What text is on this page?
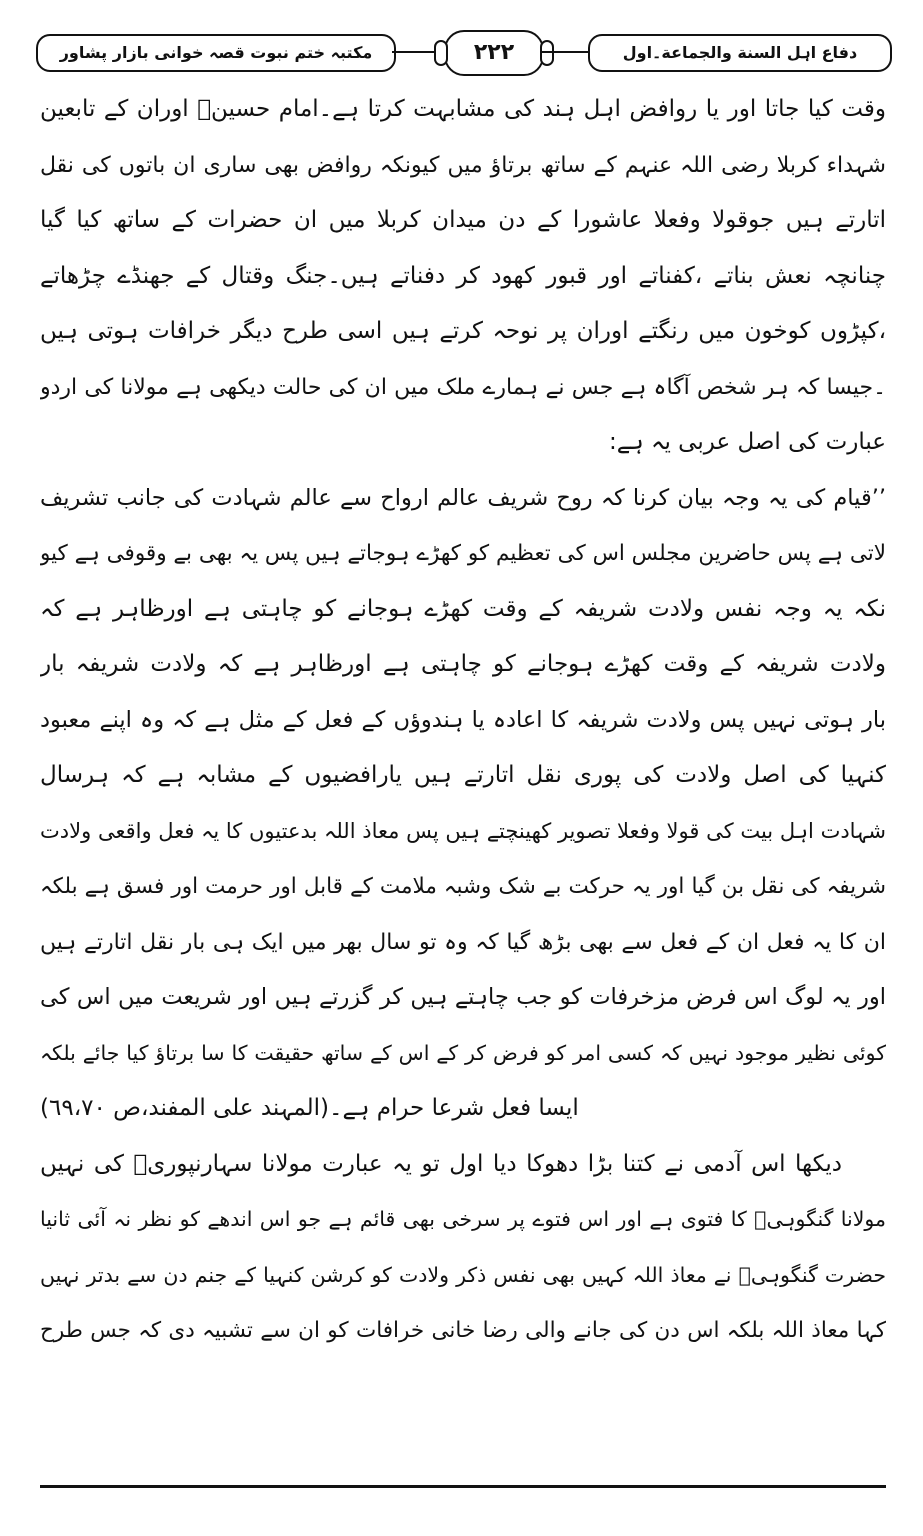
مکتبہ ختم نبوت قصہ خوانی بازار پشاور	۲۲۲	دفاع اہل السنة والجماعة۔اول
وقت کیا جاتا اور یا روافض اہل ہند کی مشابہت کرتا ہے۔امام حسینؓ اوران کے تابعین
شہداء کربلا رضی اللہ عنہم کے ساتھ برتاؤ میں کیونکہ روافض بھی ساری ان باتوں کی نقل
اتارتے ہیں جوقولا وفعلا عاشورا کے دن میدان کربلا میں ان حضرات کے ساتھ کیا گیا
چنانچہ نعش بناتے ،کفناتے اور قبور کھود کر دفناتے ہیں۔جنگ وقتال کے جھنڈے چڑھاتے
،کپڑوں کوخون میں رنگتے اوران پر نوحہ کرتے ہیں اسی طرح دیگر خرافات ہوتی ہیں
۔جیسا کہ ہر شخص آگاہ ہے جس نے ہمارے ملک میں ان کی حالت دیکھی ہے مولانا کی اردو
عبارت کی اصل عربی یہ ہے:
’’قیام کی یہ وجہ بیان کرنا کہ روح شریف عالم ارواح سے عالم شہادت کی جانب تشریف
لاتی ہے پس حاضرین مجلس اس کی تعظیم کو کھڑے ہوجاتے ہیں پس یہ بھی بے وقوفی ہے کیو
نکہ یہ وجہ نفس ولادت شریفہ کے وقت کھڑے ہوجانے کو چاہتی ہے اورظاہر ہے کہ
ولادت شریفہ کے وقت کھڑے ہوجانے کو چاہتی ہے اورظاہر ہے کہ ولادت شریفہ بار
بار ہوتی نہیں پس ولادت شریفہ کا اعادہ یا ہندوؤں کے فعل کے مثل ہے کہ وہ اپنے معبود
کنہیا کی اصل ولادت کی پوری نقل اتارتے ہیں یارافضیوں کے مشابہ ہے کہ ہرسال
شہادت اہل بیت کی قولا وفعلا تصویر کھینچتے ہیں پس معاذ اللہ بدعتیوں کا یہ فعل واقعی ولادت
شریفہ کی نقل بن گیا اور یہ حرکت بے شک وشبہ ملامت کے قابل اور حرمت اور فسق ہے بلکہ
ان کا یہ فعل ان کے فعل سے بھی بڑھ گیا کہ وہ تو سال بھر میں ایک ہی بار نقل اتارتے ہیں
اور یہ لوگ اس فرض مزخرفات کو جب چاہتے ہیں کر گزرتے ہیں اور شریعت میں اس کی
کوئی نظیر موجود نہیں کہ کسی امر کو فرض کر کے اس کے ساتھ حقیقت کا سا برتاؤ کیا جائے بلکہ
ایسا فعل شرعا حرام ہے۔(المہند علی المفند،ص ٦٩،٧٠)
دیکھا اس آدمی نے کتنا بڑا دھوکا دیا اول تو یہ عبارت مولانا سہارنپوریؒ کی نہیں
مولانا گنگوہیؒ کا فتوی ہے اور اس فتوے پر سرخی بھی قائم ہے جو اس اندھے کو نظر نہ آئی ثانیا
حضرت گنگوہیؒ نے معاذ اللہ کہیں بھی نفس ذکر ولادت کو کرشن کنہیا کے جنم دن سے بدتر نہیں
کہا معاذ اللہ بلکہ اس دن کی جانے والی رضا خانی خرافات کو ان سے تشبیہ دی کہ جس طرح
